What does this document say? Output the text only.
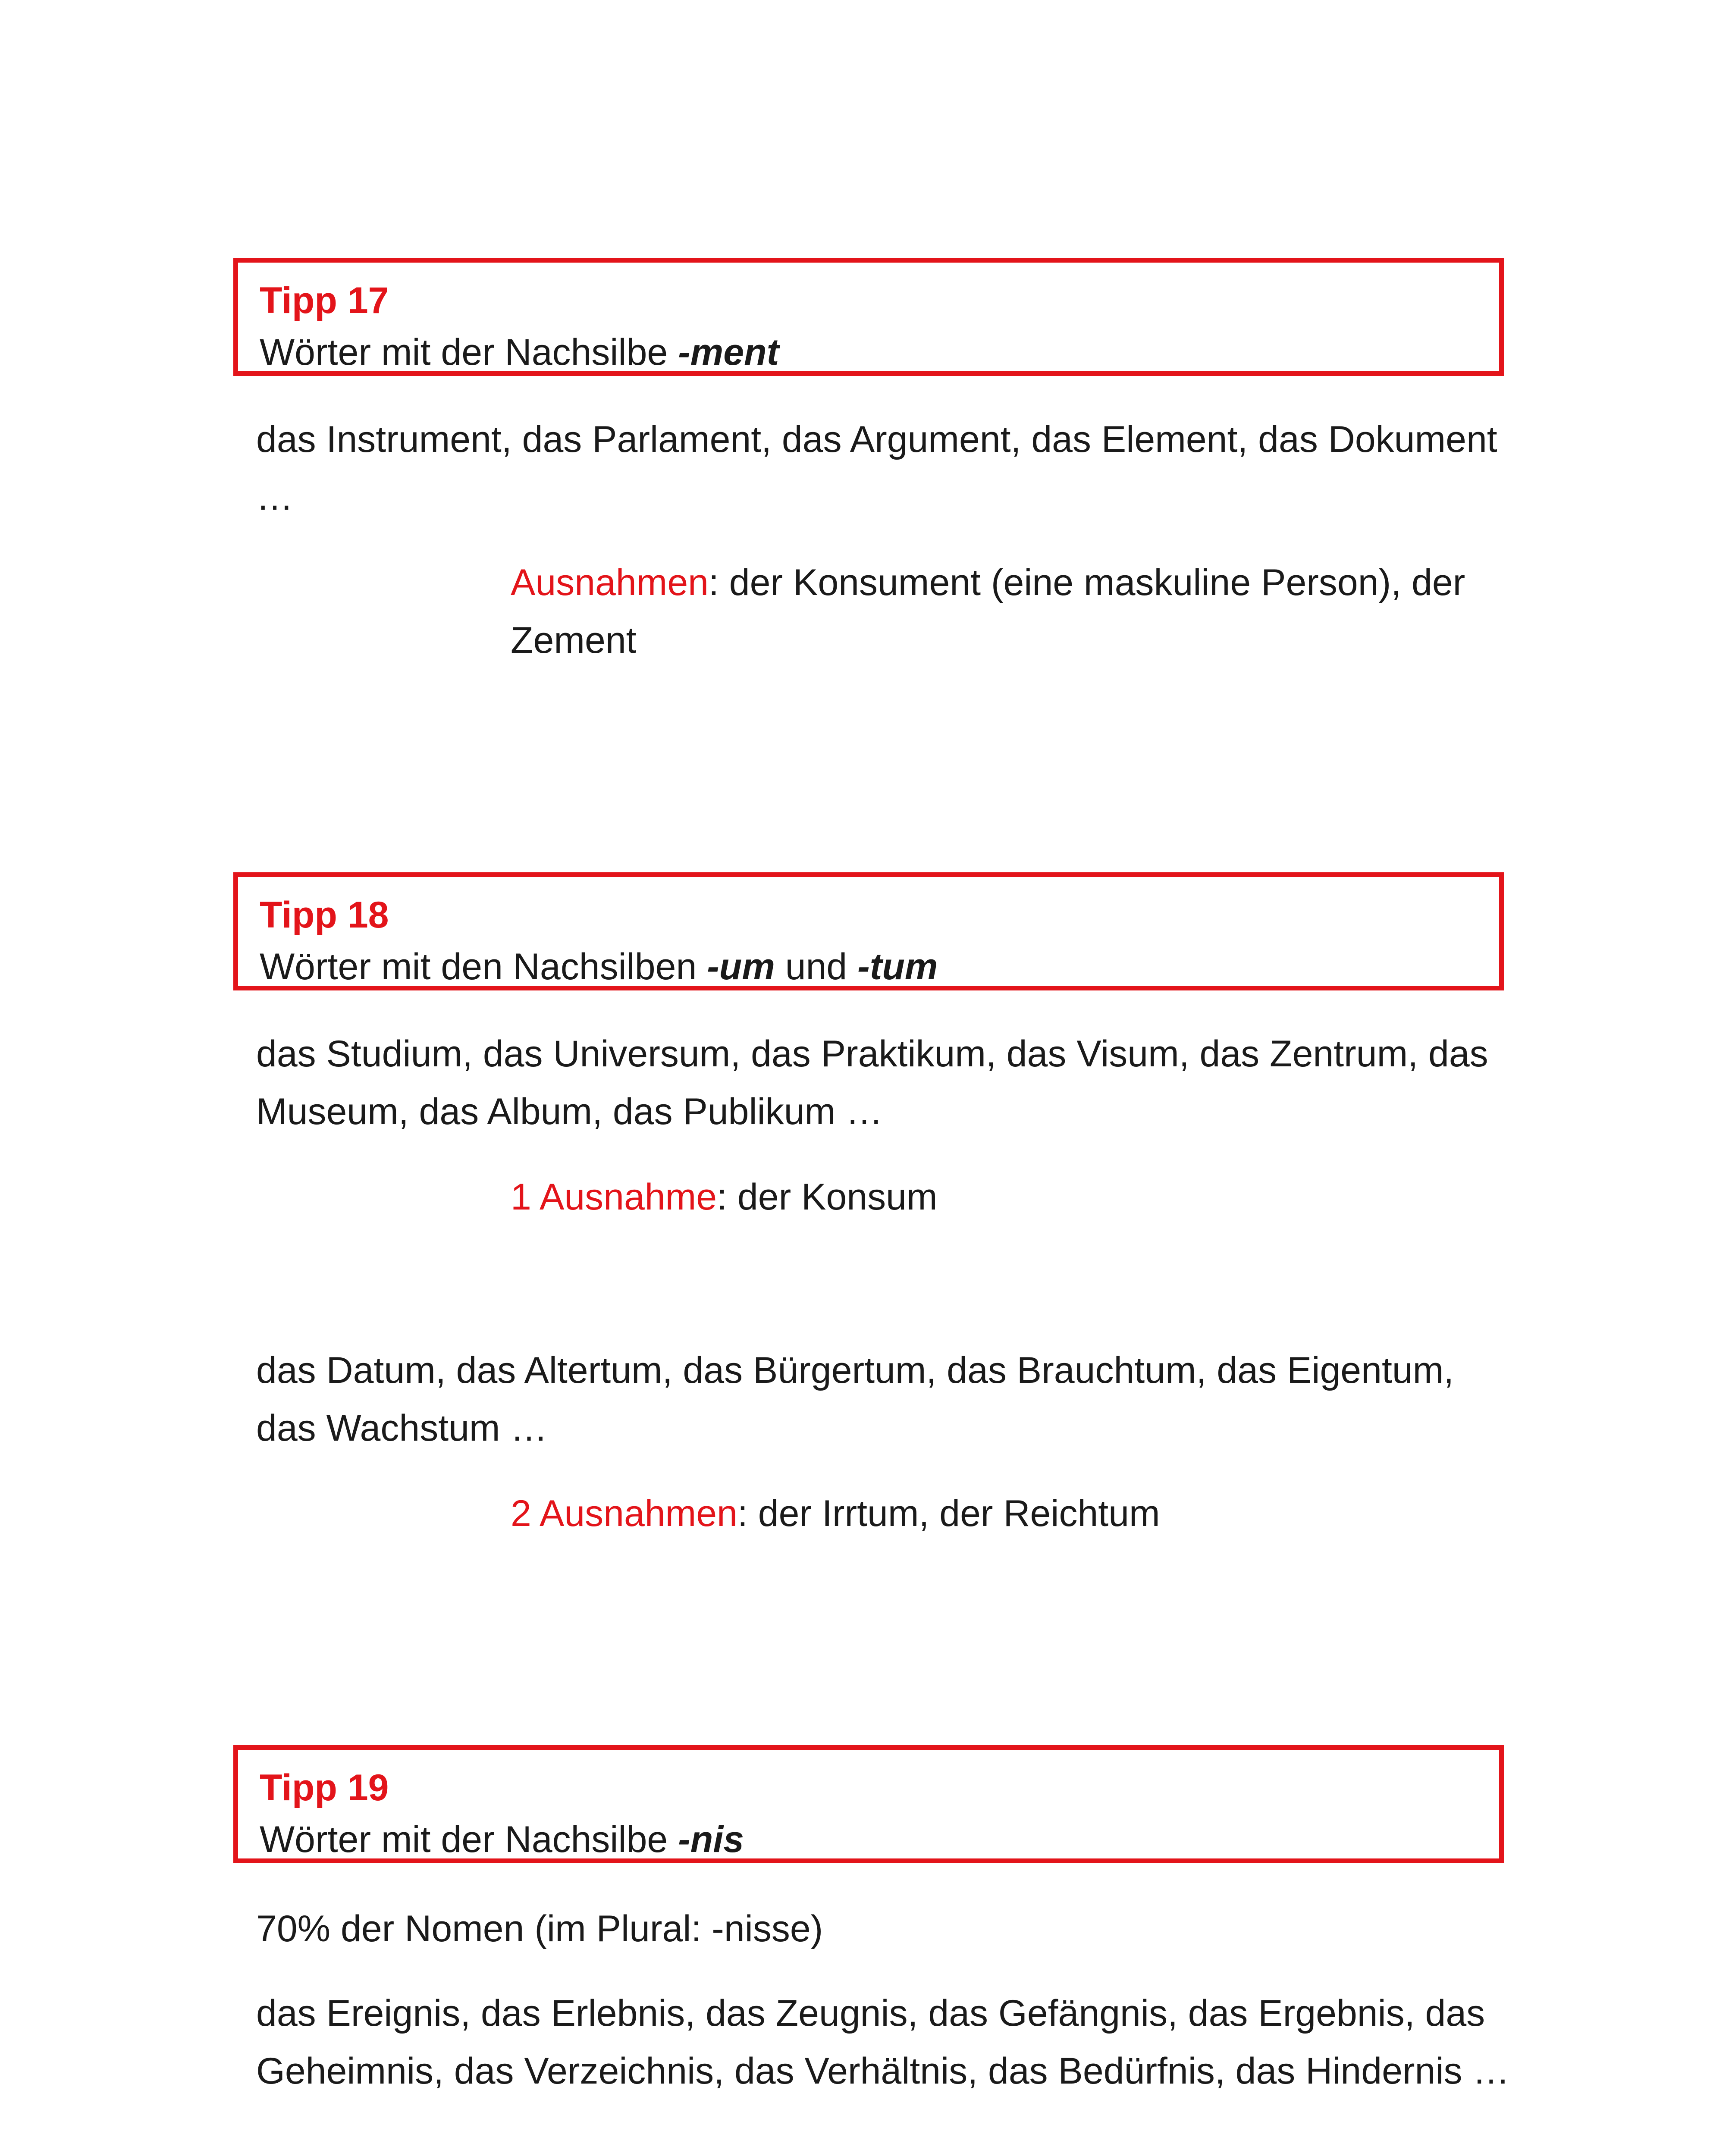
Tipp 17
Wörter mit der Nachsilbe -ment
das Instrument, das Parlament, das Argument, das Element, das Dokument …
Ausnahmen: der Konsument (eine maskuline Person), der Zement
Tipp 18
Wörter mit den Nachsilben -um und -tum
das Studium, das Universum, das Praktikum, das Visum, das Zentrum, das Museum, das Album, das Publikum …
1 Ausnahme: der Konsum
das Datum, das Altertum, das Bürgertum, das Brauchtum, das Eigentum, das Wachstum …
2 Ausnahmen: der Irrtum, der Reichtum
Tipp 19
Wörter mit der Nachsilbe -nis
70% der Nomen (im Plural: -nisse)
das Ereignis, das Erlebnis, das Zeugnis, das Gefängnis, das Ergebnis, das Geheimnis, das Verzeichnis, das Verhältnis, das Bedürfnis, das Hindernis …
